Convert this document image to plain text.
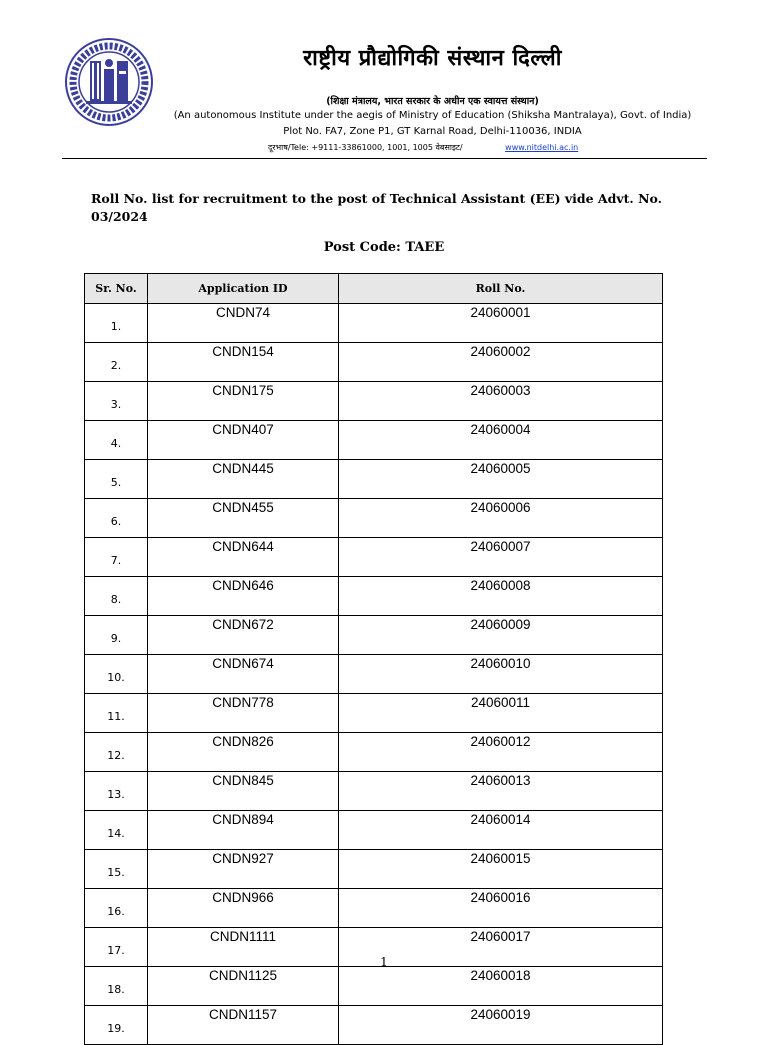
राष्ट्रीय प्रौद्योगिकी संस्थान दिल्ली
(शिक्षा मंत्रालय, भारत सरकार के अधीन एक स्वायत्त संस्थान)
(An autonomous Institute under the aegis of Ministry of Education (Shiksha Mantralaya), Govt. of India)
Plot No. FA7, Zone P1, GT Karnal Road, Delhi-110036, INDIA
दूरभाष/Tele: +9111-33861000, 1001, 1005 वेबसाइट/	www.nitdelhi.ac.in
Roll No. list for recruitment to the post of Technical Assistant (EE) vide Advt. No. 03/2024
Post Code: TAEE
Sr. No.	Application ID	Roll No.
1.	CNDN74	24060001
2.	CNDN154	24060002
3.	CNDN175	24060003
4.	CNDN407	24060004
5.	CNDN445	24060005
6.	CNDN455	24060006
7.	CNDN644	24060007
8.	CNDN646	24060008
9.	CNDN672	24060009
10.	CNDN674	24060010
11.	CNDN778	24060011
12.	CNDN826	24060012
13.	CNDN845	24060013
14.	CNDN894	24060014
15.	CNDN927	24060015
16.	CNDN966	24060016
17.	CNDN1111	24060017
18.	CNDN1125	24060018
19.	CNDN1157	24060019
1
